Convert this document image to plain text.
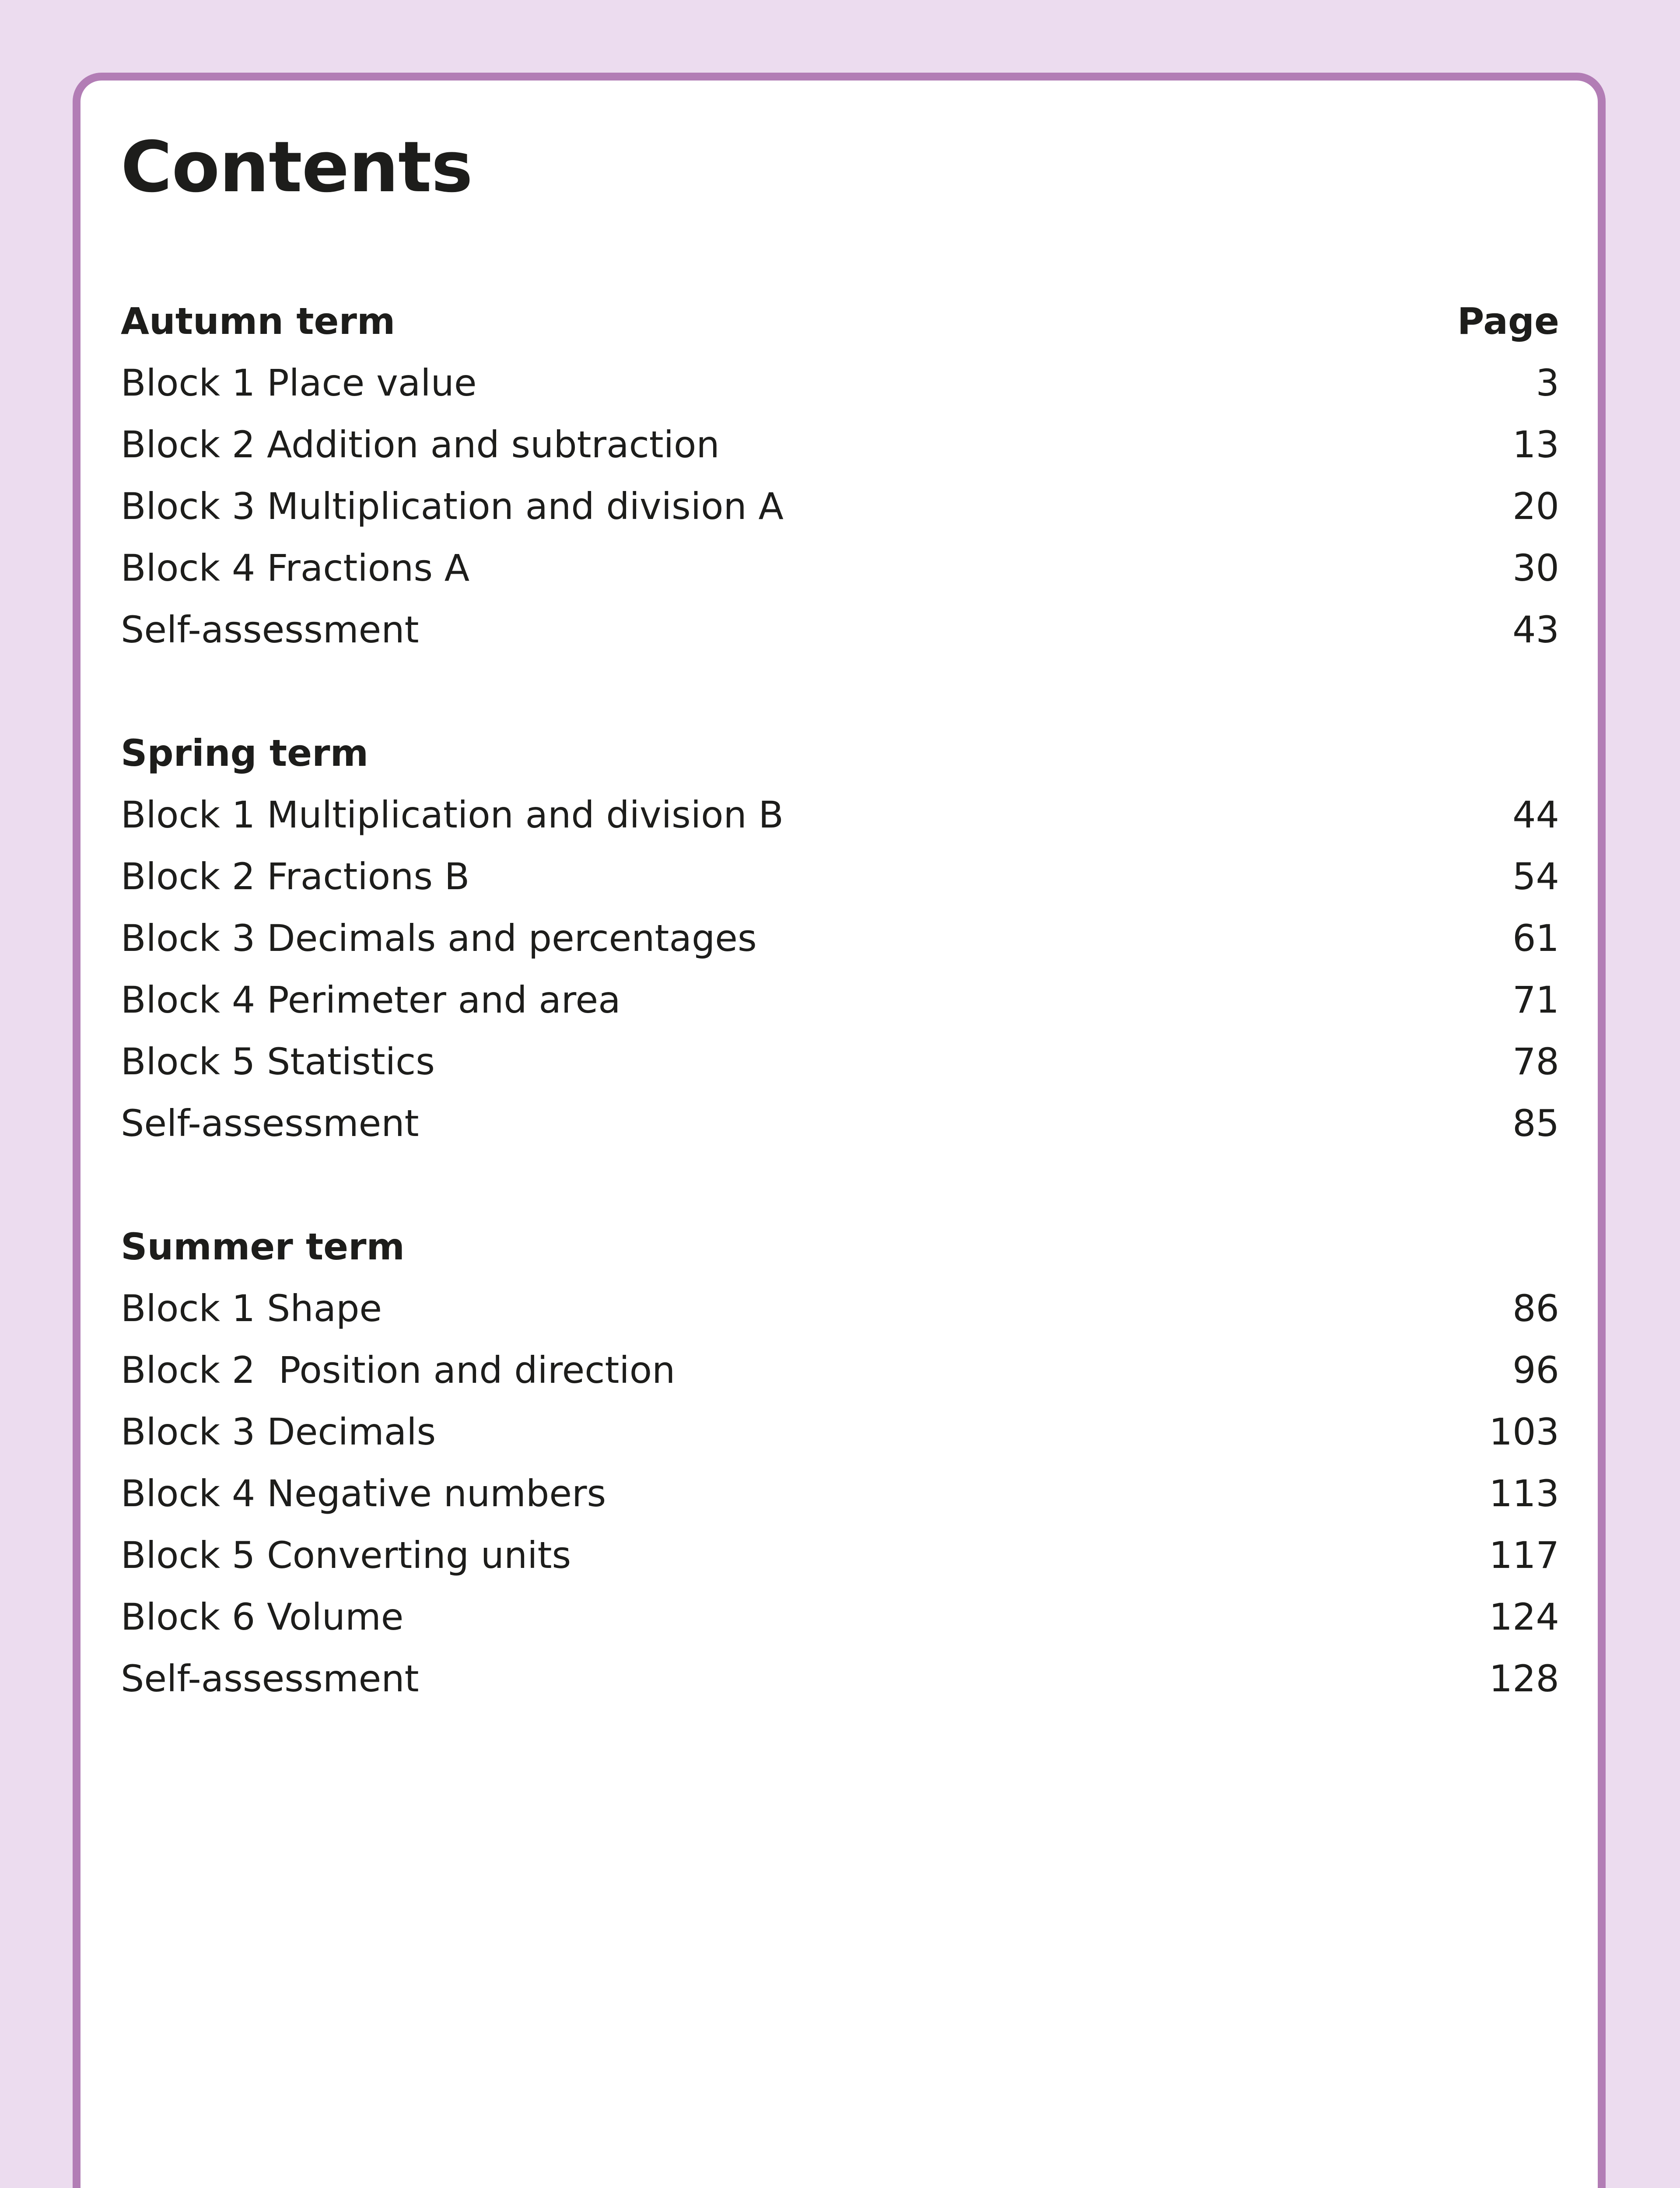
Contents
Autumn term	Page
Block 1 Place value	3
Block 2 Addition and subtraction	13
Block 3 Multiplication and division A	20
Block 4 Fractions A	30
Self-assessment	43
Spring term
Block 1 Multiplication and division B	44
Block 2 Fractions B	54
Block 3 Decimals and percentages	61
Block 4 Perimeter and area	71
Block 5 Statistics	78
Self-assessment	85
Summer term
Block 1 Shape	86
Block 2  Position and direction	96
Block 3 Decimals	103
Block 4 Negative numbers	113
Block 5 Converting units	117
Block 6 Volume	124
Self-assessment	128
